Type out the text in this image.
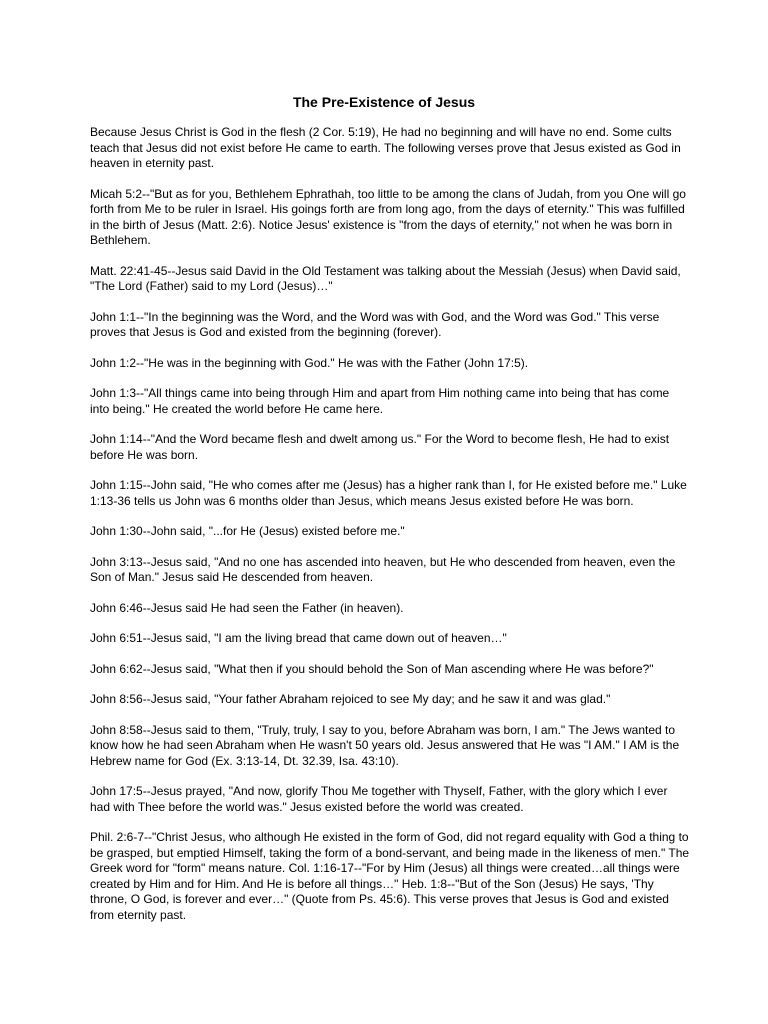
The Pre-Existence of Jesus

Because Jesus Christ is God in the flesh (2 Cor. 5:19), He had no beginning and will have no end. Some cults teach that Jesus did not exist before He came to earth. The following verses prove that Jesus existed as God in heaven in eternity past.

Micah 5:2--"But as for you, Bethlehem Ephrathah, too little to be among the clans of Judah, from you One will go forth from Me to be ruler in Israel. His goings forth are from long ago, from the days of eternity." This was fulfilled in the birth of Jesus (Matt. 2:6). Notice Jesus' existence is "from the days of eternity," not when he was born in Bethlehem.

Matt. 22:41-45--Jesus said David in the Old Testament was talking about the Messiah (Jesus) when David said, "The Lord (Father) said to my Lord (Jesus)…"

John 1:1--"In the beginning was the Word, and the Word was with God, and the Word was God." This verse proves that Jesus is God and existed from the beginning (forever).

John 1:2--"He was in the beginning with God." He was with the Father (John 17:5).

John 1:3--"All things came into being through Him and apart from Him nothing came into being that has come into being." He created the world before He came here.

John 1:14--"And the Word became flesh and dwelt among us." For the Word to become flesh, He had to exist before He was born.

John 1:15--John said, "He who comes after me (Jesus) has a higher rank than I, for He existed before me." Luke 1:13-36 tells us John was 6 months older than Jesus, which means Jesus existed before He was born.

John 1:30--John said, "...for He (Jesus) existed before me."

John 3:13--Jesus said, "And no one has ascended into heaven, but He who descended from heaven, even the Son of Man." Jesus said He descended from heaven.

John 6:46--Jesus said He had seen the Father (in heaven).

John 6:51--Jesus said, "I am the living bread that came down out of heaven…"

John 6:62--Jesus said, "What then if you should behold the Son of Man ascending where He was before?"

John 8:56--Jesus said, "Your father Abraham rejoiced to see My day; and he saw it and was glad."

John 8:58--Jesus said to them, "Truly, truly, I say to you, before Abraham was born, I am." The Jews wanted to know how he had seen Abraham when He wasn't 50 years old. Jesus answered that He was "I AM." I AM is the Hebrew name for God (Ex. 3:13-14, Dt. 32.39, Isa. 43:10).

John 17:5--Jesus prayed, "And now, glorify Thou Me together with Thyself, Father, with the glory which I ever had with Thee before the world was." Jesus existed before the world was created.

Phil. 2:6-7--"Christ Jesus, who although He existed in the form of God, did not regard equality with God a thing to be grasped, but emptied Himself, taking the form of a bond-servant, and being made in the likeness of men." The Greek word for "form" means nature. Col. 1:16-17--"For by Him (Jesus) all things were created…all things were created by Him and for Him. And He is before all things…" Heb. 1:8--"But of the Son (Jesus) He says, 'Thy throne, O God, is forever and ever…" (Quote from Ps. 45:6). This verse proves that Jesus is God and existed from eternity past.
